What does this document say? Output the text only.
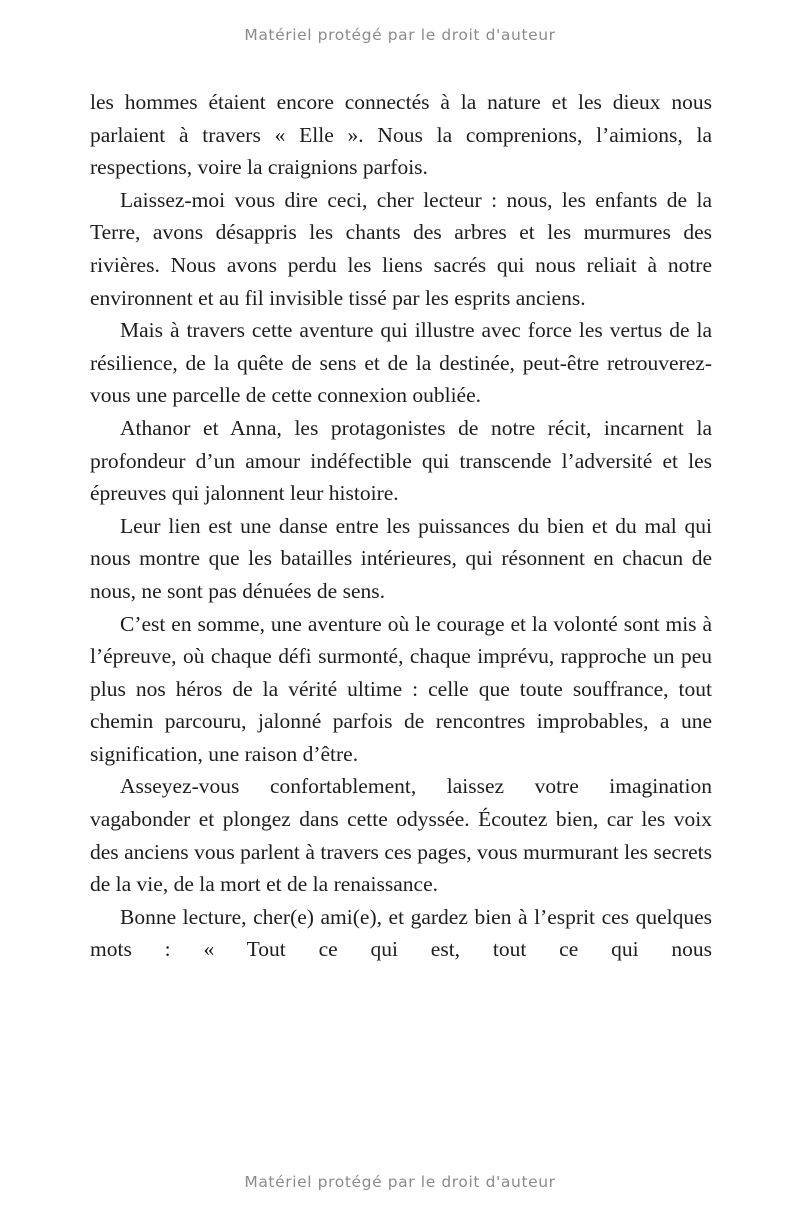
Matériel protégé par le droit d'auteur

les hommes étaient encore connectés à la nature et les dieux nous parlaient à travers « Elle ». Nous la comprenions, l’aimions, la respections, voire la craignions parfois.

Laissez-moi vous dire ceci, cher lecteur : nous, les enfants de la Terre, avons désappris les chants des arbres et les murmures des rivières. Nous avons perdu les liens sacrés qui nous reliait à notre environnent et au fil invisible tissé par les esprits anciens.

Mais à travers cette aventure qui illustre avec force les vertus de la résilience, de la quête de sens et de la destinée, peut-être retrouverez-vous une parcelle de cette connexion oubliée.

Athanor et Anna, les protagonistes de notre récit, incarnent la profondeur d’un amour indéfectible qui transcende l’adversité et les épreuves qui jalonnent leur histoire.

Leur lien est une danse entre les puissances du bien et du mal qui nous montre que les batailles intérieures, qui résonnent en chacun de nous, ne sont pas dénuées de sens.

C’est en somme, une aventure où le courage et la volonté sont mis à l’épreuve, où chaque défi surmonté, chaque imprévu, rapproche un peu plus nos héros de la vérité ultime : celle que toute souffrance, tout chemin parcouru, jalonné parfois de rencontres improbables, a une signification, une raison d’être.

Asseyez-vous confortablement, laissez votre imagination vagabonder et plongez dans cette odyssée. Écoutez bien, car les voix des anciens vous parlent à travers ces pages, vous murmurant les secrets de la vie, de la mort et de la renaissance.

Bonne lecture, cher(e) ami(e), et gardez bien à l’esprit ces quelques mots : « Tout ce qui est, tout ce qui nous

Matériel protégé par le droit d'auteur
